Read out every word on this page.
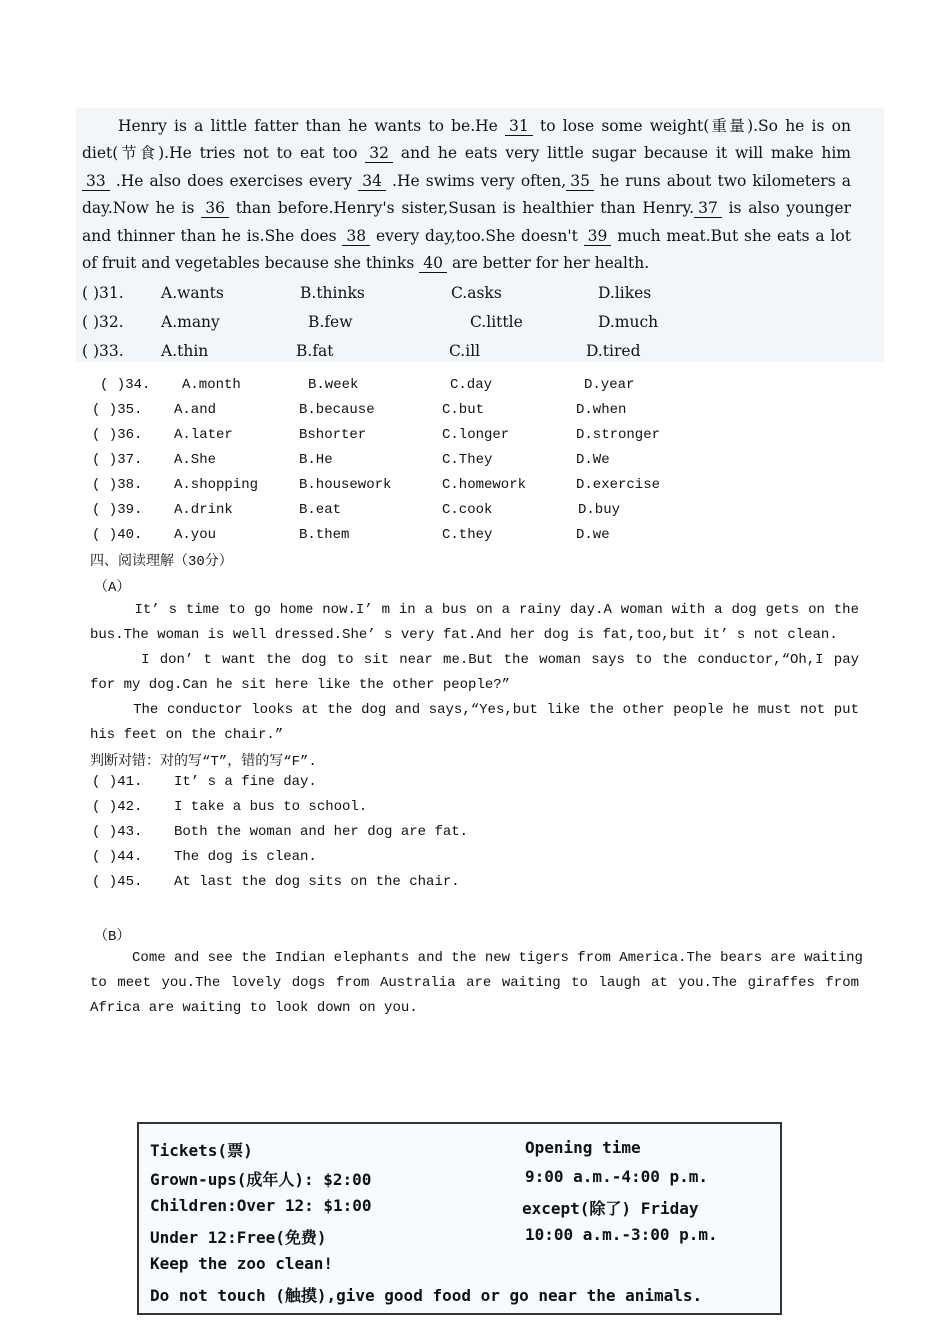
Henry is a little fatter than he wants to be.He 31 to lose some weight(重量).So he is on
diet(节食).He tries not to eat too 32 and he eats very little sugar because it will make him
33 .He also does exercises every 34 .He swims very often, 35 he runs about two kilometers a
day.Now he is 36 than before.Henry's sister,Susan is healthier than Henry. 37 is also younger
and thinner than he is.She does 38 every day,too.She doesn't 39 much meat.But she eats a lot
of fruit and vegetables because she thinks 40 are better for her health.
( )31. A.wants	B.thinks	C.asks	D.likes
( )32. A.many	B.few	C.little	D.much
( )33. A.thin	B.fat	C.ill	D.tired
( )34. A.month	B.week	C.day	D.year
( )35. A.and	B.because	C.but	D.when
( )36. A.later	Bshorter	C.longer	D.stronger
( )37. A.She	B.He	C.They	D.We
( )38. A.shopping	B.housework	C.homework	D.exercise
( )39. A.drink	B.eat	C.cook	D.buy
( )40. A.you	B.them	C.they	D.we
四、阅读理解（30分）
（A）
It’ s time to go home now.I’ m in a bus on a rainy day.A woman with a dog gets on the
bus.The woman is well dressed.She’ s very fat.And her dog is fat,too,but it’ s not clean.
I don’ t want the dog to sit near me.But the woman says to the conductor,“Oh,I pay
for my dog.Can he sit here like the other people?”
The conductor looks at the dog and says,“Yes,but like the other people he must not put
his feet on the chair.”
判断对错：对的写“T”，错的写“F”.
( )41. It’ s a fine day.
( )42. I take a bus to school.
( )43. Both the woman and her dog are fat.
( )44. The dog is clean.
( )45. At last the dog sits on the chair.
（B）
Come and see the Indian elephants and the new tigers from America.The bears are waiting
to meet you.The lovely dogs from Australia are waiting to laugh at you.The giraffes from
Africa are waiting to look down on you.
Tickets(票)	Opening time
Grown-ups(成年人): $2:00	9:00 a.m.-4:00 p.m.
Children:Over 12: $1:00	except(除了) Friday
Under 12:Free(免费)	10:00 a.m.-3:00 p.m.
Keep the zoo clean!
Do not touch (触摸),give good food or go near the animals.
